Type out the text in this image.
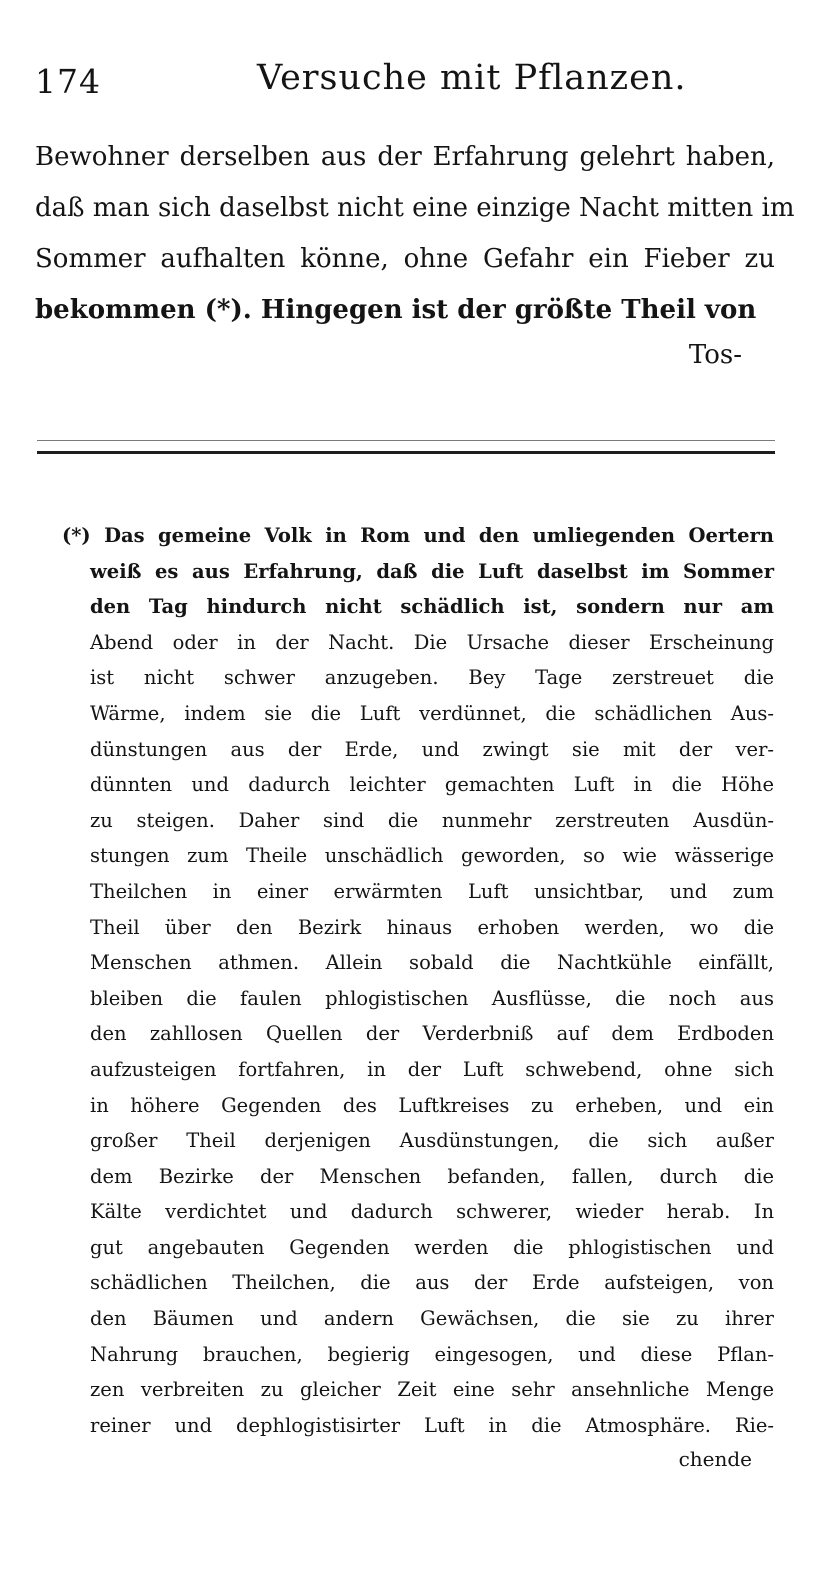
174	Versuche mit Pflanzen.
Bewohner derselben aus der Erfahrung gelehrt haben,
daß man sich daselbst nicht eine einzige Nacht mitten im
Sommer aufhalten könne, ohne Gefahr ein Fieber zu
bekommen (*). Hingegen ist der größte Theil von
Tos-
(*) Das gemeine Volk in Rom und den umliegenden Oertern
weiß es aus Erfahrung, daß die Luft daselbst im Sommer
den Tag hindurch nicht schädlich ist, sondern nur am
Abend oder in der Nacht. Die Ursache dieser Erscheinung
ist nicht schwer anzugeben. Bey Tage zerstreuet die
Wärme, indem sie die Luft verdünnet, die schädlichen Aus-
dünstungen aus der Erde, und zwingt sie mit der ver-
dünnten und dadurch leichter gemachten Luft in die Höhe
zu steigen. Daher sind die nunmehr zerstreuten Ausdün-
stungen zum Theile unschädlich geworden, so wie wässerige
Theilchen in einer erwärmten Luft unsichtbar, und zum
Theil über den Bezirk hinaus erhoben werden, wo die
Menschen athmen. Allein sobald die Nachtkühle einfällt,
bleiben die faulen phlogistischen Ausflüsse, die noch aus
den zahllosen Quellen der Verderbniß auf dem Erdboden
aufzusteigen fortfahren, in der Luft schwebend, ohne sich
in höhere Gegenden des Luftkreises zu erheben, und ein
großer Theil derjenigen Ausdünstungen, die sich außer
dem Bezirke der Menschen befanden, fallen, durch die
Kälte verdichtet und dadurch schwerer, wieder herab. In
gut angebauten Gegenden werden die phlogistischen und
schädlichen Theilchen, die aus der Erde aufsteigen, von
den Bäumen und andern Gewächsen, die sie zu ihrer
Nahrung brauchen, begierig eingesogen, und diese Pflan-
zen verbreiten zu gleicher Zeit eine sehr ansehnliche Menge
reiner und dephlogistisirter Luft in die Atmosphäre. Rie-
chende
